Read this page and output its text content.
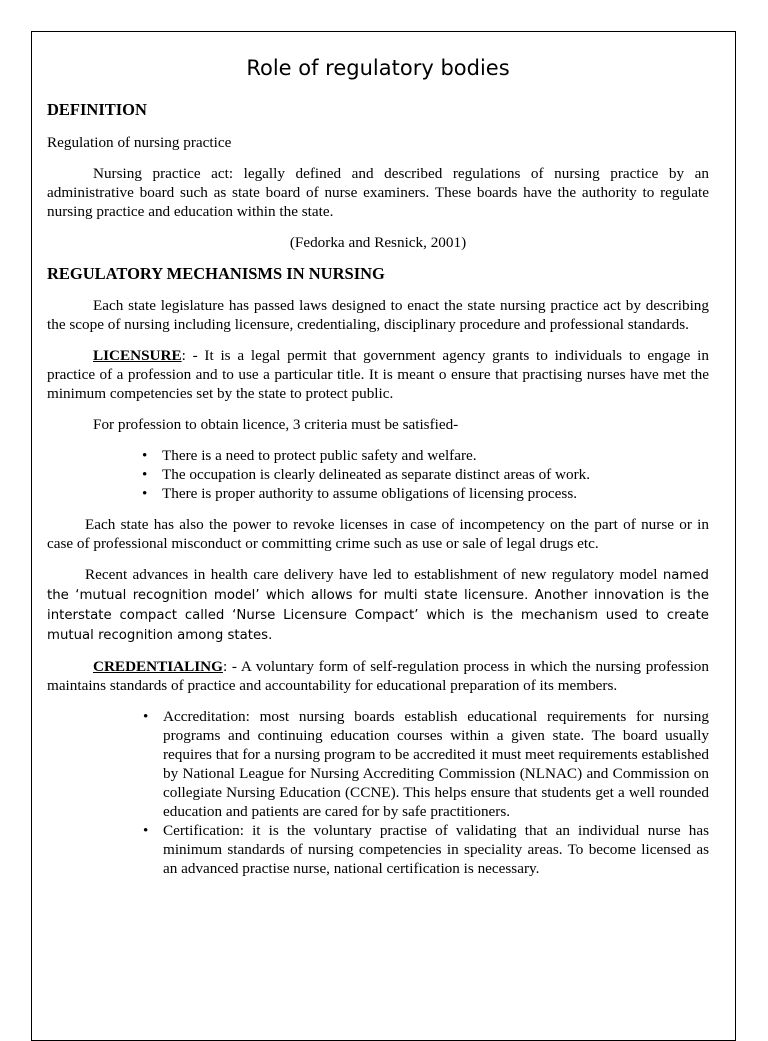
Role of regulatory bodies
DEFINITION

Regulation of nursing practice

Nursing practice act: legally defined and described regulations of nursing practice by an administrative board such as state board of nurse examiners. These boards have the authority to regulate nursing practice and education within the state.

(Fedorka and Resnick, 2001)

REGULATORY MECHANISMS IN NURSING

Each state legislature has passed laws designed to enact the state nursing practice act by describing the scope of nursing including licensure, credentialing, disciplinary procedure and professional standards.

LICENSURE: - It is a legal permit that government agency grants to individuals to engage in practice of a profession and to use a particular title. It is meant o ensure that practising nurses have met the minimum competencies set by the state to protect public.

For profession to obtain licence, 3 criteria must be satisfied-

• There is a need to protect public safety and welfare.
• The occupation is clearly delineated as separate distinct areas of work.
• There is proper authority to assume obligations of licensing process.

Each state has also the power to revoke licenses in case of incompetency on the part of nurse or in case of professional misconduct or committing crime such as use or sale of legal drugs etc.

Recent advances in health care delivery have led to establishment of new regulatory model named the ‘mutual recognition model’ which allows for multi state licensure. Another innovation is the interstate compact called ‘Nurse Licensure Compact’ which is the mechanism used to create mutual recognition among states.

CREDENTIALING: - A voluntary form of self-regulation process in which the nursing profession maintains standards of practice and accountability for educational preparation of its members.

• Accreditation: most nursing boards establish educational requirements for nursing programs and continuing education courses within a given state. The board usually requires that for a nursing program to be accredited it must meet requirements established by National League for Nursing Accrediting Commission (NLNAC) and Commission on collegiate Nursing Education (CCNE). This helps ensure that students get a well rounded education and patients are cared for by safe practitioners.
• Certification: it is the voluntary practise of validating that an individual nurse has minimum standards of nursing competencies in speciality areas. To become licensed as an advanced practise nurse, national certification is necessary.
